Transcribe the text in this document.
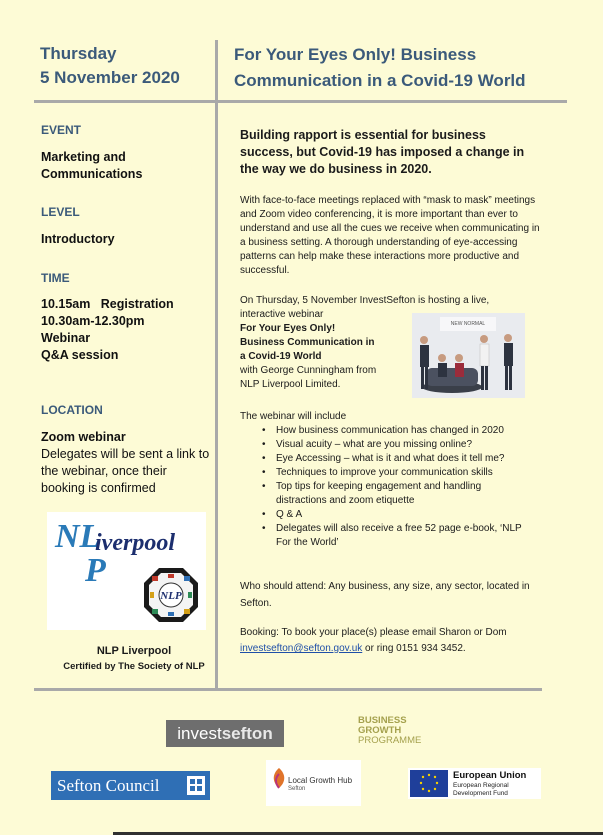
Thursday
5 November 2020
For Your Eyes Only! Business
Communication in a Covid-19 World
EVENT
Marketing and
Communications
LEVEL
Introductory
TIME
10.15am   Registration
10.30am-12.30pm
Webinar
Q&A session
LOCATION
Zoom webinar
Delegates will be sent a link to the webinar, once their booking is confirmed
NL
iverpool
P
NLP
NLP Liverpool
Certified by The Society of NLP
Building rapport is essential for business success, but Covid-19 has imposed a change in the way we do business in 2020.
With face-to-face meetings replaced with “mask to mask” meetings and Zoom video conferencing, it is more important than ever to understand and use all the cues we receive when communicating in a business setting. A thorough understanding of eye-accessing patterns can help make these interactions more productive and successful.
On Thursday, 5 November InvestSefton is hosting a live,
interactive webinar
For Your Eyes Only!
Business Communication in
a Covid-19 World
with George Cunningham from
NLP Liverpool Limited.
NEW NORMAL
The webinar will include
• How business communication has changed in 2020
• Visual acuity – what are you missing online?
• Eye Accessing – what is it and what does it tell me?
• Techniques to improve your communication skills
• Top tips for keeping engagement and handling distractions and zoom etiquette
• Q & A
• Delegates will also receive a free 52 page e-book, ‘NLP For the World’
Who should attend: Any business, any size, any sector, located in Sefton.
Booking: To book your place(s) please email Sharon or Dom investsefton@sefton.gov.uk or ring 0151 934 3452.
investsefton
BUSINESS
GROWTH
PROGRAMME
Sefton Council	Local Growth Hub
Sefton
European Union
European Regional
Development Fund
